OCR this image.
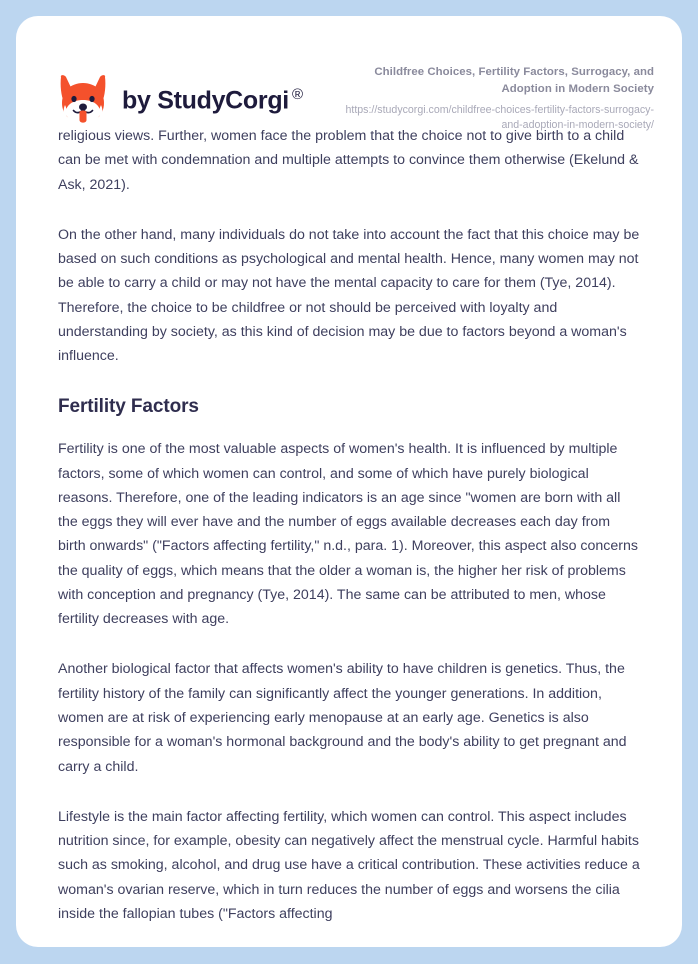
by StudyCorgi ®

Childfree Choices, Fertility Factors, Surrogacy, and Adoption in Modern Society

https://studycorgi.com/childfree-choices-fertility-factors-surrogacy-and-adoption-in-modern-society/

religious views. Further, women face the problem that the choice not to give birth to a child can be met with condemnation and multiple attempts to convince them otherwise (Ekelund & Ask, 2021).

On the other hand, many individuals do not take into account the fact that this choice may be based on such conditions as psychological and mental health. Hence, many women may not be able to carry a child or may not have the mental capacity to care for them (Tye, 2014). Therefore, the choice to be childfree or not should be perceived with loyalty and understanding by society, as this kind of decision may be due to factors beyond a woman's influence.

Fertility Factors

Fertility is one of the most valuable aspects of women's health. It is influenced by multiple factors, some of which women can control, and some of which have purely biological reasons. Therefore, one of the leading indicators is an age since "women are born with all the eggs they will ever have and the number of eggs available decreases each day from birth onwards" ("Factors affecting fertility," n.d., para. 1). Moreover, this aspect also concerns the quality of eggs, which means that the older a woman is, the higher her risk of problems with conception and pregnancy (Tye, 2014). The same can be attributed to men, whose fertility decreases with age.

Another biological factor that affects women's ability to have children is genetics. Thus, the fertility history of the family can significantly affect the younger generations. In addition, women are at risk of experiencing early menopause at an early age. Genetics is also responsible for a woman's hormonal background and the body's ability to get pregnant and carry a child.

Lifestyle is the main factor affecting fertility, which women can control. This aspect includes nutrition since, for example, obesity can negatively affect the menstrual cycle. Harmful habits such as smoking, alcohol, and drug use have a critical contribution. These activities reduce a woman's ovarian reserve, which in turn reduces the number of eggs and worsens the cilia inside the fallopian tubes ("Factors affecting
